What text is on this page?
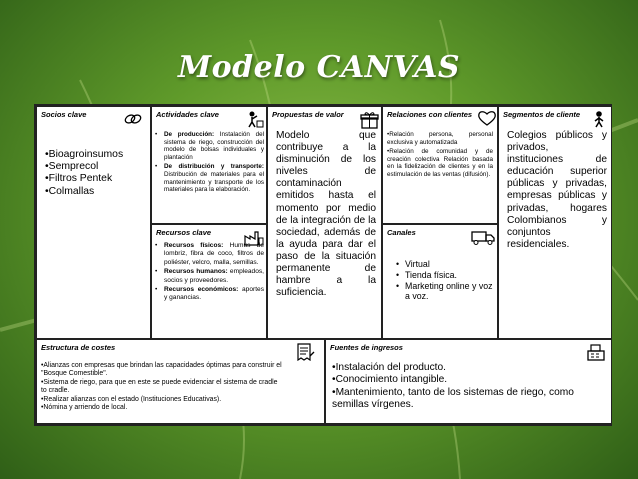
Modelo CANVAS
Socios clave
•Bioagroinsumos
•Semprecol
•Filtros Pentek
•Colmallas
Actividades clave
• De producción: Instalación del sistema de riego, construcción del modelo de bolsas individuales y plantación
• De distribución y transporte: Distribución de materiales para el mantenimiento y transporte de los materiales para la elaboración.
Recursos clave
• Recursos físicos: Humus de lombriz, fibra de coco, filtros de poliéster, velcro, malla, semillas.
• Recursos humanos: empleados, socios y proveedores.
• Recursos económicos: aportes y ganancias.
Propuestas de valor
Modelo que contribuye a la disminución de los niveles de contaminación emitidos hasta el momento por medio de la integración de la sociedad, además de la ayuda para dar el paso de la situación permanente de hambre a la suficiencia.
Relaciones con clientes
•Relación persona, personal exclusiva y automatizada
•Relación de comunidad y de creación colectiva Relación basada en la fidelización de clientes y en la estimulación de las ventas (difusión).
Canales
• Virtual
• Tienda física.
• Marketing online y voz a voz.
Segmentos de cliente
Colegios públicos y privados, instituciones de educación superior públicas y privadas, empresas públicas y privadas, hogares Colombianos y conjuntos residenciales.
Estructura de costes
•Alianzas con empresas que brindan las capacidades óptimas para construir el "Bosque Comestible".
•Sistema de riego, para que en este se puede evidenciar el sistema de cradle to cradle.
•Realizar alianzas con el estado (Instituciones Educativas).
•Nómina y arriendo de local.
Fuentes de ingresos
•Instalación del producto.
•Conocimiento intangible.
•Mantenimiento, tanto de los sistemas de riego, como semillas vírgenes.
